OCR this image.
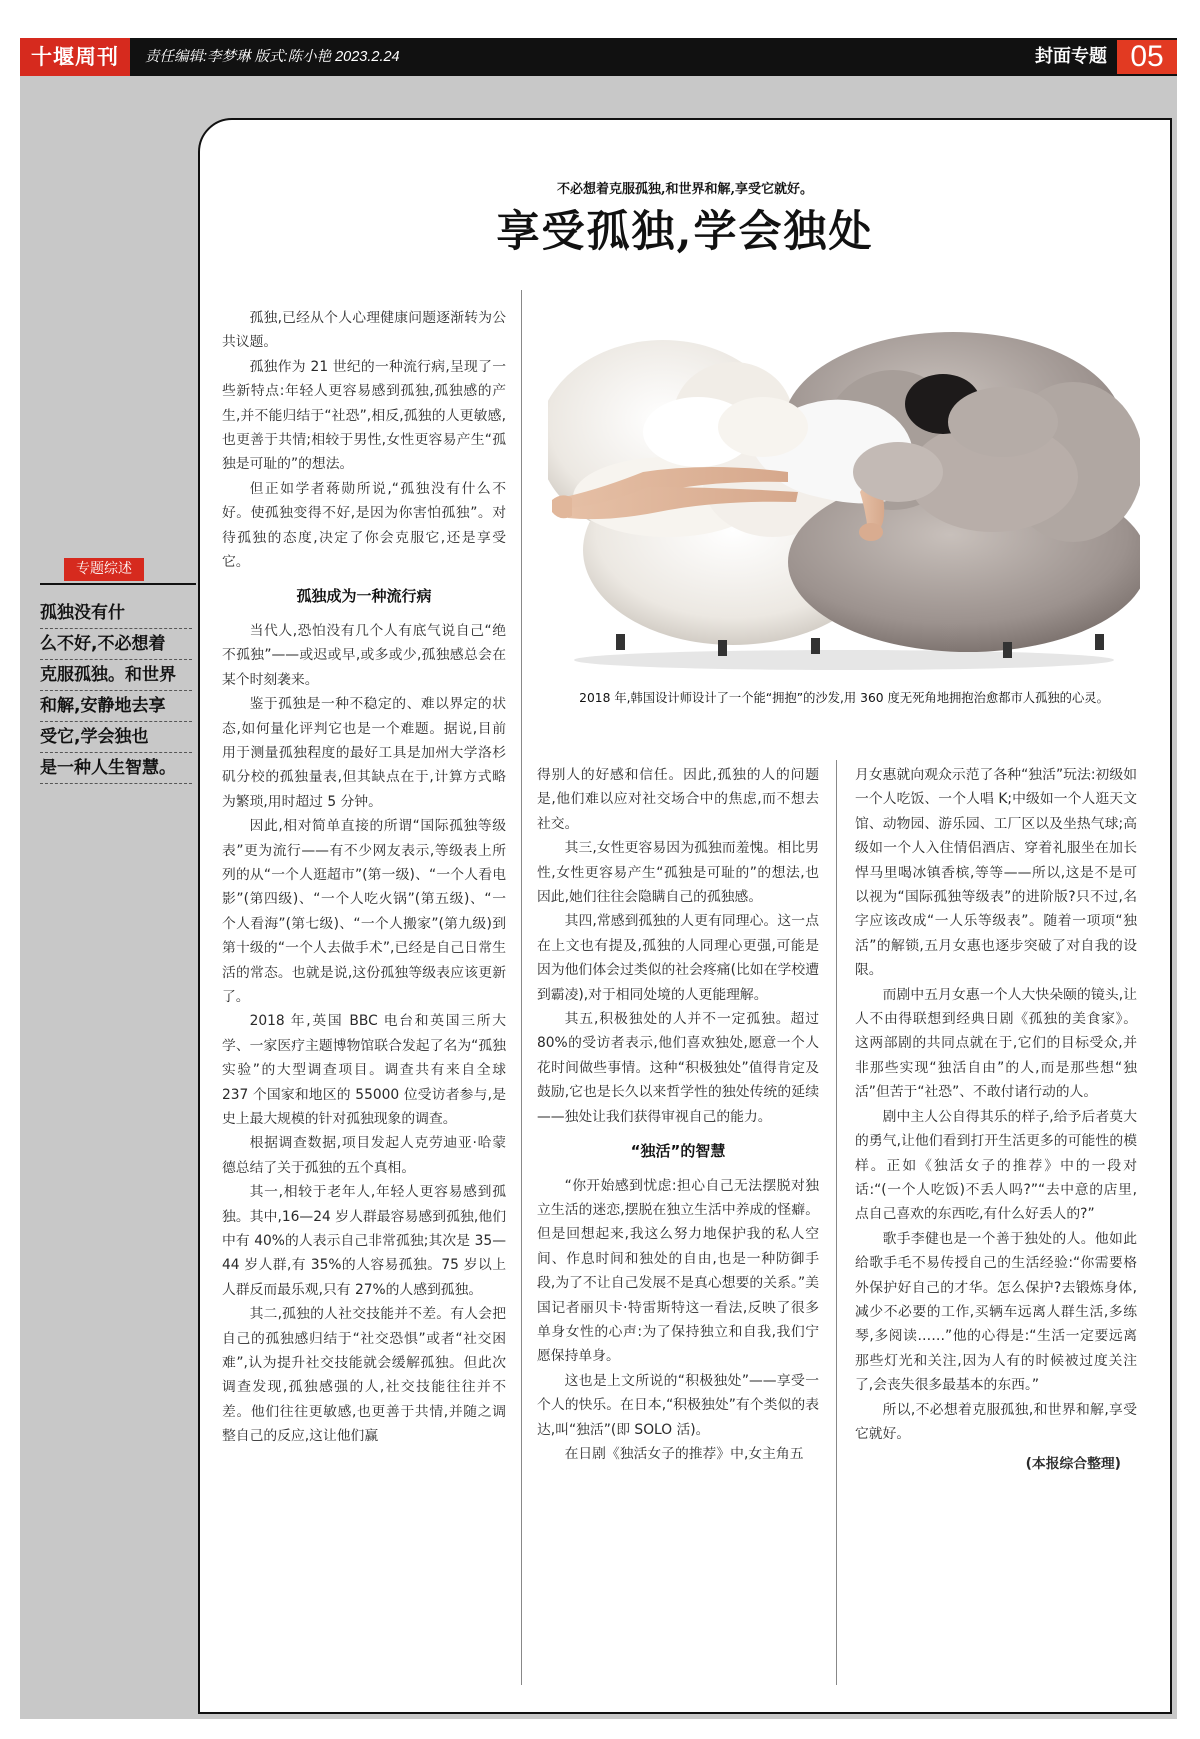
十堰周刊	责任编辑:李梦琳 版式:陈小艳 2023.2.24	封面专题 05
不必想着克服孤独,和世界和解,享受它就好。
享受孤独,学会独处
专题综述
孤独没有什
么不好,不必想着
克服孤独。和世界
和解,安静地去享
受它,学会独也
是一种人生智慧。

孤独,已经从个人心理健康问题逐渐转为公共议题。

孤独作为 21 世纪的一种流行病,呈现了一些新特点:年轻人更容易感到孤独,孤独感的产生,并不能归结于“社恐”,相反,孤独的人更敏感,也更善于共情;相较于男性,女性更容易产生“孤独是可耻的”的想法。

但正如学者蒋勋所说,“孤独没有什么不好。使孤独变得不好,是因为你害怕孤独”。对待孤独的态度,决定了你会克服它,还是享受它。

孤独成为一种流行病

当代人,恐怕没有几个人有底气说自己“绝不孤独”——或迟或早,或多或少,孤独感总会在某个时刻袭来。

鉴于孤独是一种不稳定的、难以界定的状态,如何量化评判它也是一个难题。据说,目前用于测量孤独程度的最好工具是加州大学洛杉矶分校的孤独量表,但其缺点在于,计算方式略为繁琐,用时超过 5 分钟。

因此,相对简单直接的所谓“国际孤独等级表”更为流行——有不少网友表示,等级表上所列的从“一个人逛超市”(第一级)、“一个人看电影”(第四级)、“一个人吃火锅”(第五级)、“一个人看海”(第七级)、“一个人搬家”(第九级)到第十级的“一个人去做手术”,已经是自己日常生活的常态。也就是说,这份孤独等级表应该更新了。

2018 年,英国 BBC 电台和英国三所大学、一家医疗主题博物馆联合发起了名为“孤独实验”的大型调查项目。调查共有来自全球 237 个国家和地区的 55000 位受访者参与,是史上最大规模的针对孤独现象的调查。

根据调查数据,项目发起人克劳迪亚·哈蒙德总结了关于孤独的五个真相。

其一,相较于老年人,年轻人更容易感到孤独。其中,16—24 岁人群最容易感到孤独,他们中有 40%的人表示自己非常孤独;其次是 35—44 岁人群,有 35%的人容易孤独。75 岁以上人群反而最乐观,只有 27%的人感到孤独。

其二,孤独的人社交技能并不差。有人会把自己的孤独感归结于“社交恐惧”或者“社交困难”,认为提升社交技能就会缓解孤独。但此次调查发现,孤独感强的人,社交技能往往并不差。他们往往更敏感,也更善于共情,并随之调整自己的反应,这让他们赢

2018 年,韩国设计师设计了一个能“拥抱”的沙发,用 360 度无死角地拥抱治愈都市人孤独的心灵。

得别人的好感和信任。因此,孤独的人的问题是,他们难以应对社交场合中的焦虑,而不想去社交。

其三,女性更容易因为孤独而羞愧。相比男性,女性更容易产生“孤独是可耻的”的想法,也因此,她们往往会隐瞒自己的孤独感。

其四,常感到孤独的人更有同理心。这一点在上文也有提及,孤独的人同理心更强,可能是因为他们体会过类似的社会疼痛(比如在学校遭到霸凌),对于相同处境的人更能理解。

其五,积极独处的人并不一定孤独。超过 80%的受访者表示,他们喜欢独处,愿意一个人花时间做些事情。这种“积极独处”值得肯定及鼓励,它也是长久以来哲学性的独处传统的延续——独处让我们获得审视自己的能力。

“独活”的智慧

“你开始感到忧虑:担心自己无法摆脱对独立生活的迷恋,摆脱在独立生活中养成的怪癖。但是回想起来,我这么努力地保护我的私人空间、作息时间和独处的自由,也是一种防御手段,为了不让自己发展不是真心想要的关系。”美国记者丽贝卡·特雷斯特这一看法,反映了很多单身女性的心声:为了保持独立和自我,我们宁愿保持单身。

这也是上文所说的“积极独处”——享受一个人的快乐。在日本,“积极独处”有个类似的表达,叫“独活”(即 SOLO 活)。

在日剧《独活女子的推荐》中,女主角五

月女惠就向观众示范了各种“独活”玩法:初级如一个人吃饭、一个人唱 K;中级如一个人逛天文馆、动物园、游乐园、工厂区以及坐热气球;高级如一个人入住情侣酒店、穿着礼服坐在加长悍马里喝冰镇香槟,等等——所以,这是不是可以视为“国际孤独等级表”的进阶版?只不过,名字应该改成“一人乐等级表”。随着一项项“独活”的解锁,五月女惠也逐步突破了对自我的设限。

而剧中五月女惠一个人大快朵颐的镜头,让人不由得联想到经典日剧《孤独的美食家》。这两部剧的共同点就在于,它们的目标受众,并非那些实现“独活自由”的人,而是那些想“独活”但苦于“社恐”、不敢付诸行动的人。

剧中主人公自得其乐的样子,给予后者莫大的勇气,让他们看到打开生活更多的可能性的模样。正如《独活女子的推荐》中的一段对话:“(一个人吃饭)不丢人吗?”“去中意的店里,点自己喜欢的东西吃,有什么好丢人的?”

歌手李健也是一个善于独处的人。他如此给歌手毛不易传授自己的生活经验:“你需要格外保护好自己的才华。怎么保护?去锻炼身体,减少不必要的工作,买辆车远离人群生活,多练琴,多阅读……”他的心得是:“生活一定要远离那些灯光和关注,因为人有的时候被过度关注了,会丧失很多最基本的东西。”

所以,不必想着克服孤独,和世界和解,享受它就好。

(本报综合整理)
